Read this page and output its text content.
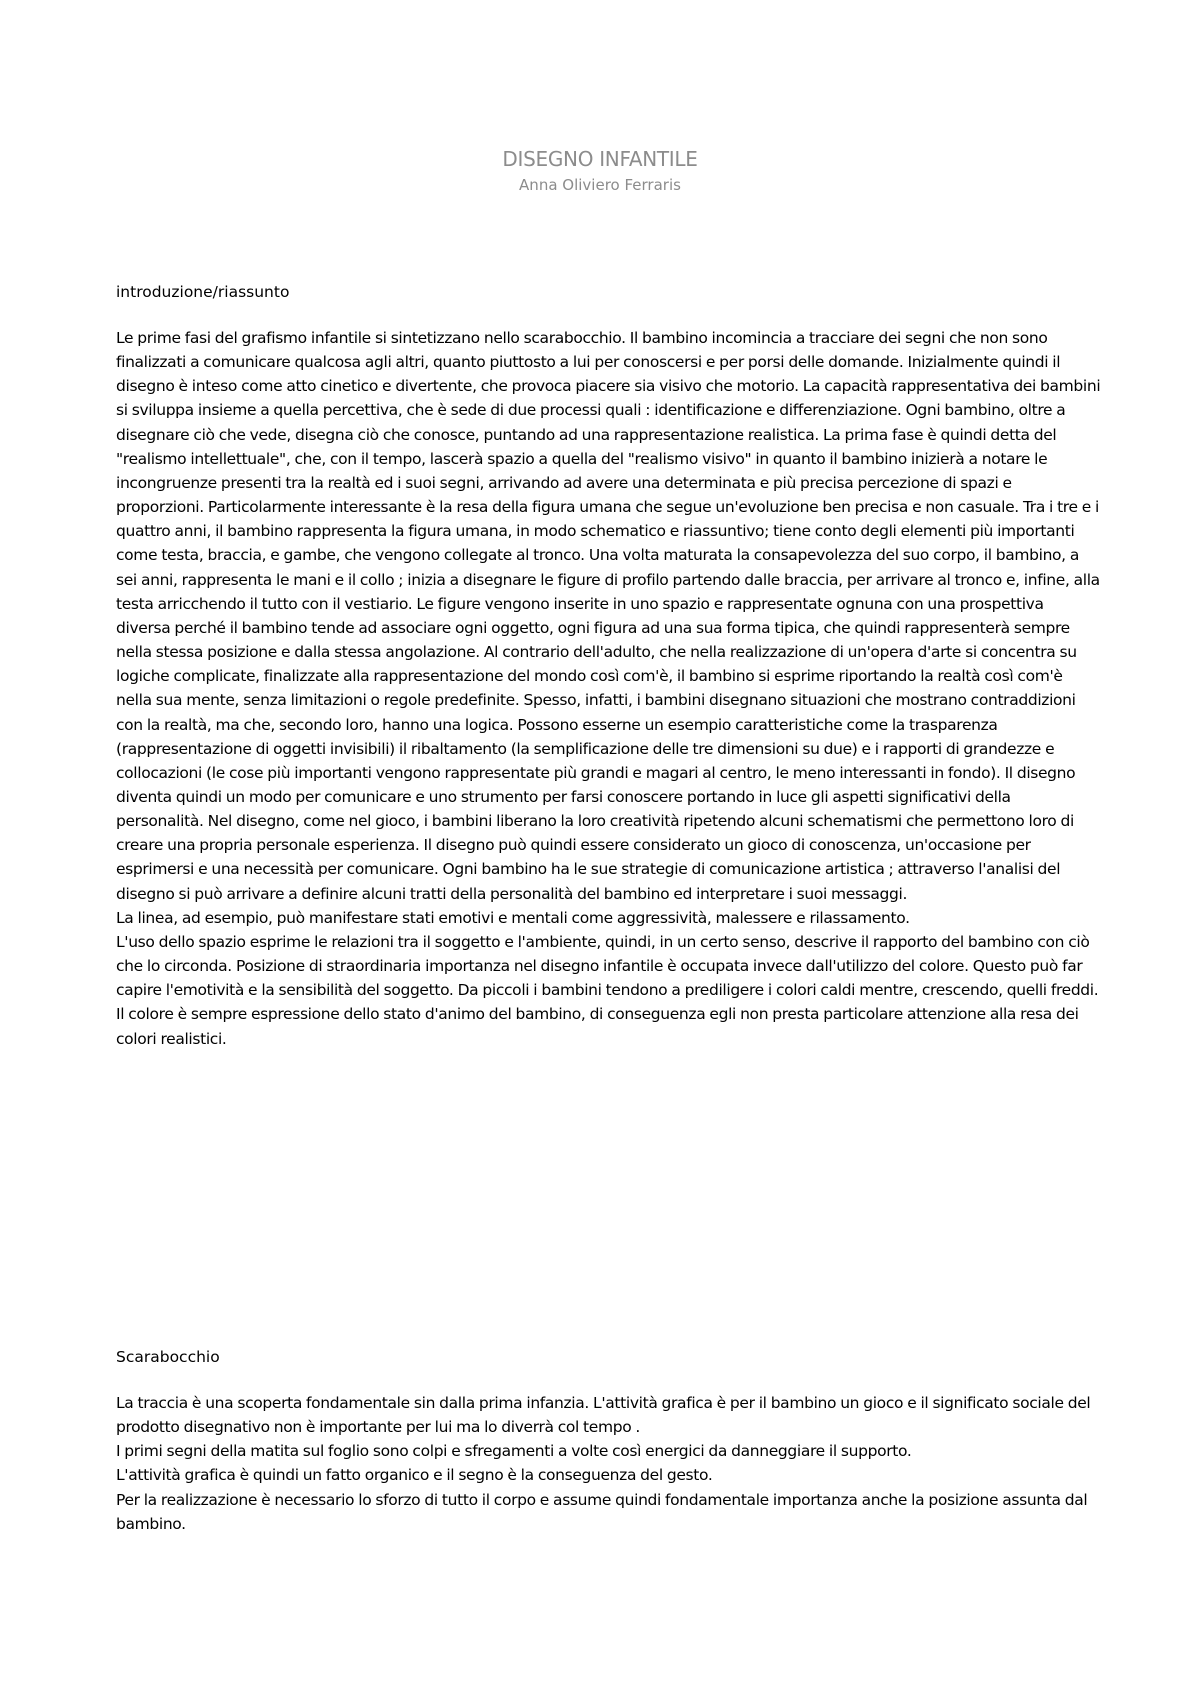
DISEGNO INFANTILE
Anna Oliviero Ferraris
introduzione/riassunto

Le prime fasi del grafismo infantile si sintetizzano nello scarabocchio. Il bambino incomincia a tracciare dei segni che non sono finalizzati a comunicare qualcosa agli altri, quanto piuttosto a lui per conoscersi e per porsi delle domande. Inizialmente quindi il disegno è inteso come atto cinetico e divertente, che provoca piacere sia visivo che motorio. La capacità rappresentativa dei bambini si sviluppa insieme a quella percettiva, che è sede di due processi quali : identificazione e differenziazione. Ogni bambino, oltre a disegnare ciò che vede, disegna ciò che conosce, puntando ad una rappresentazione realistica. La prima fase è quindi detta del "realismo intellettuale", che, con il tempo, lascerà spazio a quella del "realismo visivo" in quanto il bambino inizierà a notare le incongruenze presenti tra la realtà ed i suoi segni, arrivando ad avere una determinata e più precisa percezione di spazi e proporzioni. Particolarmente interessante è la resa della figura umana che segue un'evoluzione ben precisa e non casuale. Tra i tre e i quattro anni, il bambino rappresenta la figura umana, in modo schematico e riassuntivo; tiene conto degli elementi più importanti come testa, braccia, e gambe, che vengono collegate al tronco. Una volta maturata la consapevolezza del suo corpo, il bambino, a sei anni, rappresenta le mani e il collo ; inizia a disegnare le figure di profilo partendo dalle braccia, per arrivare al tronco e, infine, alla testa arricchendo il tutto con il vestiario. Le figure vengono inserite in uno spazio e rappresentate ognuna con una prospettiva diversa perché il bambino tende ad associare ogni oggetto, ogni figura ad una sua forma tipica, che quindi rappresenterà sempre nella stessa posizione e dalla stessa angolazione. Al contrario dell'adulto, che nella realizzazione di un'opera d'arte si concentra su logiche complicate, finalizzate alla rappresentazione del mondo così com'è, il bambino si esprime riportando la realtà così com'è nella sua mente, senza limitazioni o regole predefinite. Spesso, infatti, i bambini disegnano situazioni che mostrano contraddizioni con la realtà, ma che, secondo loro, hanno una logica. Possono esserne un esempio caratteristiche come la trasparenza (rappresentazione di oggetti invisibili) il ribaltamento (la semplificazione delle tre dimensioni su due) e i rapporti di grandezze e collocazioni (le cose più importanti vengono rappresentate più grandi e magari al centro, le meno interessanti in fondo). Il disegno diventa quindi un modo per comunicare e uno strumento per farsi conoscere portando in luce gli aspetti significativi della personalità. Nel disegno, come nel gioco, i bambini liberano la loro creatività ripetendo alcuni schematismi che permettono loro di creare una propria personale esperienza. Il disegno può quindi essere considerato un gioco di conoscenza, un'occasione per esprimersi e una necessità per comunicare. Ogni bambino ha le sue strategie di comunicazione artistica ; attraverso l'analisi del disegno si può arrivare a definire alcuni tratti della personalità del bambino ed interpretare i suoi messaggi.

La linea, ad esempio, può manifestare stati emotivi e mentali come aggressività, malessere e rilassamento.

L'uso dello spazio esprime le relazioni tra il soggetto e l'ambiente, quindi, in un certo senso, descrive il rapporto del bambino con ciò che lo circonda. Posizione di straordinaria importanza nel disegno infantile è occupata invece dall'utilizzo del colore. Questo può far capire l'emotività e la sensibilità del soggetto. Da piccoli i bambini tendono a prediligere i colori caldi mentre, crescendo, quelli freddi.

Il colore è sempre espressione dello stato d'animo del bambino, di conseguenza egli non presta particolare attenzione alla resa dei colori realistici.

Scarabocchio

La traccia è una scoperta fondamentale sin dalla prima infanzia. L'attività grafica è per il bambino un gioco e il significato sociale del prodotto disegnativo non è importante per lui ma lo diverrà col tempo .

I primi segni della matita sul foglio sono colpi e sfregamenti a volte così energici da danneggiare il supporto.

L'attività grafica è quindi un fatto organico e il segno è la conseguenza del gesto.

Per la realizzazione è necessario lo sforzo di tutto il corpo e assume quindi fondamentale importanza anche la posizione assunta dal bambino.
